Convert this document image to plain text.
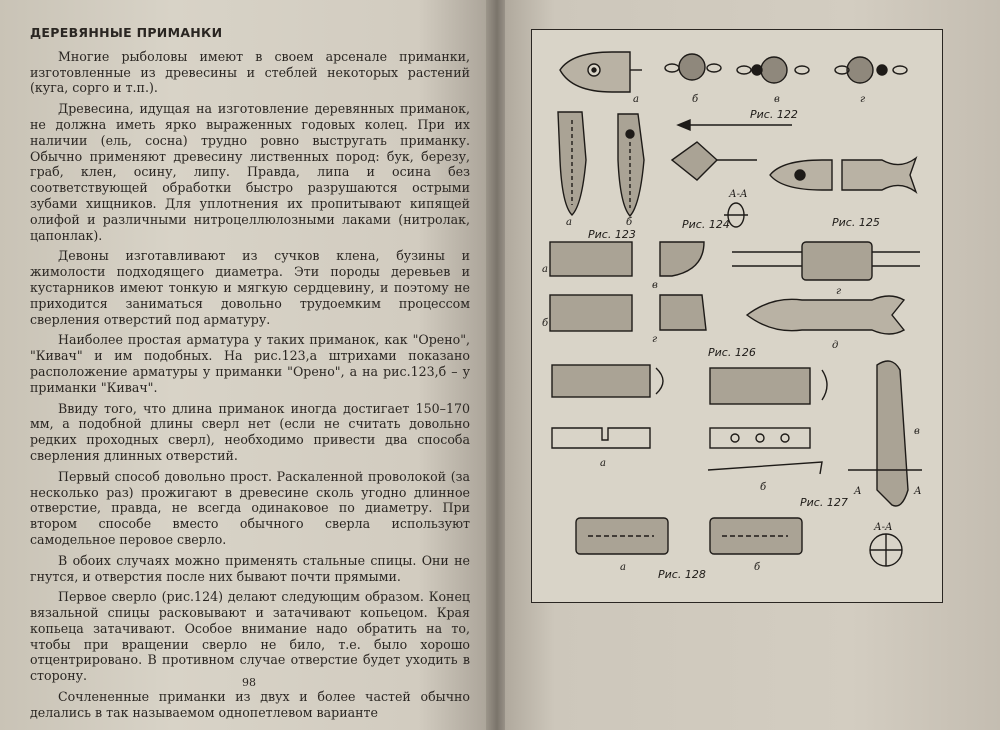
ДЕРЕВЯННЫЕ ПРИМАНКИ

Многие рыболовы имеют в своем арсенале приманки, изготовленные из древесины и стеблей некоторых растений (куга, сорго и т.п.).

Древесина, идущая на изготовление деревянных приманок, не должна иметь ярко выраженных годовых колец. При их наличии (ель, сосна) трудно ровно выстругать приманку. Обычно применяют древесину лиственных пород: бук, березу, граб, клен, осину, липу. Правда, липа и осина без соответствующей обработки быстро разрушаются острыми зубами хищников. Для уплотнения их пропитывают кипящей олифой и различными нитроцеллюлозными лаками (нитролак, цапонлак).

Девоны изготавливают из сучков клена, бузины и жимолости подходящего диаметра. Эти породы деревьев и кустарников имеют тонкую и мягкую сердцевину, и поэтому не приходится заниматься довольно трудоемким процессом сверления отверстий под арматуру.

Наиболее простая арматура у таких приманок, как "Орено", "Кивач" и им подобных. На рис.123,а штрихами показано расположение арматуры у приманки "Орено", а на рис.123,б – у приманки "Кивач".

Ввиду того, что длина приманок иногда достигает 150–170 мм, а подобной длины сверл нет (если не считать довольно редких проходных сверл), необходимо привести два способа сверления длинных отверстий.

Первый способ довольно прост. Раскаленной проволокой (за несколько раз) прожигают в древесине сколь угодно длинное отверстие, правда, не всегда одинаковое по диаметру. При втором способе вместо обычного сверла используют самодельное перовое сверло.

В обоих случаях можно применять стальные спицы. Они не гнутся, и отверстия после них бывают почти прямыми.

Первое сверло (рис.124) делают следующим образом. Конец вязальной спицы расковывают и затачивают копьецом. Края копьеца затачивают. Особое внимание надо обратить на то, чтобы при вращении сверло не било, т.е. было хорошо отцентрировано. В противном случае отверстие будет уходить в сторону.

Сочлененные приманки из двух и более частей обычно делались в так называемом однопетлевом варианте

98
а	б	в	г
Рис. 122
а	б
Рис. 123
А-А
Рис. 124	Рис. 125
а
в
г
б
г
д
Рис. 126
а
б
в
А	А
А-А
Рис. 127
а	б
Рис. 128
